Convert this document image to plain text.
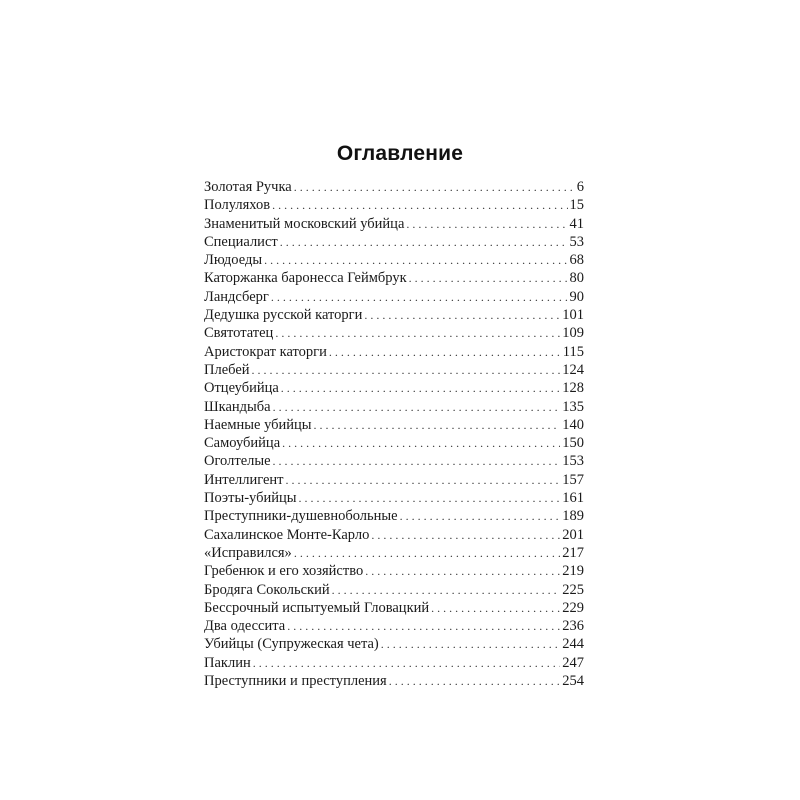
Оглавление
Золотая Ручка . . .	6
Полуляхов . . .	15
Знаменитый московский убийца . . .	41
Специалист . . .	53
Людоеды . . .	68
Каторжанка баронесса Геймбрук . . .	80
Ландсберг . . .	90
Дедушка русской каторги . . .	101
Святотатец . . .	109
Аристократ каторги . . .	115
Плебей . . .	124
Отцеубийца . . .	128
Шкандыба . . .	135
Наемные убийцы . . .	140
Самоубийца . . .	150
Оголтелые . . .	153
Интеллигент . . .	157
Поэты-убийцы . . .	161
Преступники-душевнобольные . . .	189
Сахалинское Монте-Карло . . .	201
«Исправился» . . .	217
Гребенюк и его хозяйство . . .	219
Бродяга Сокольский . . .	225
Бессрочный испытуемый Гловацкий . . .	229
Два одессита . . .	236
Убийцы (Супружеская чета) . . .	244
Паклин . . .	247
Преступники и преступления . . .	254
